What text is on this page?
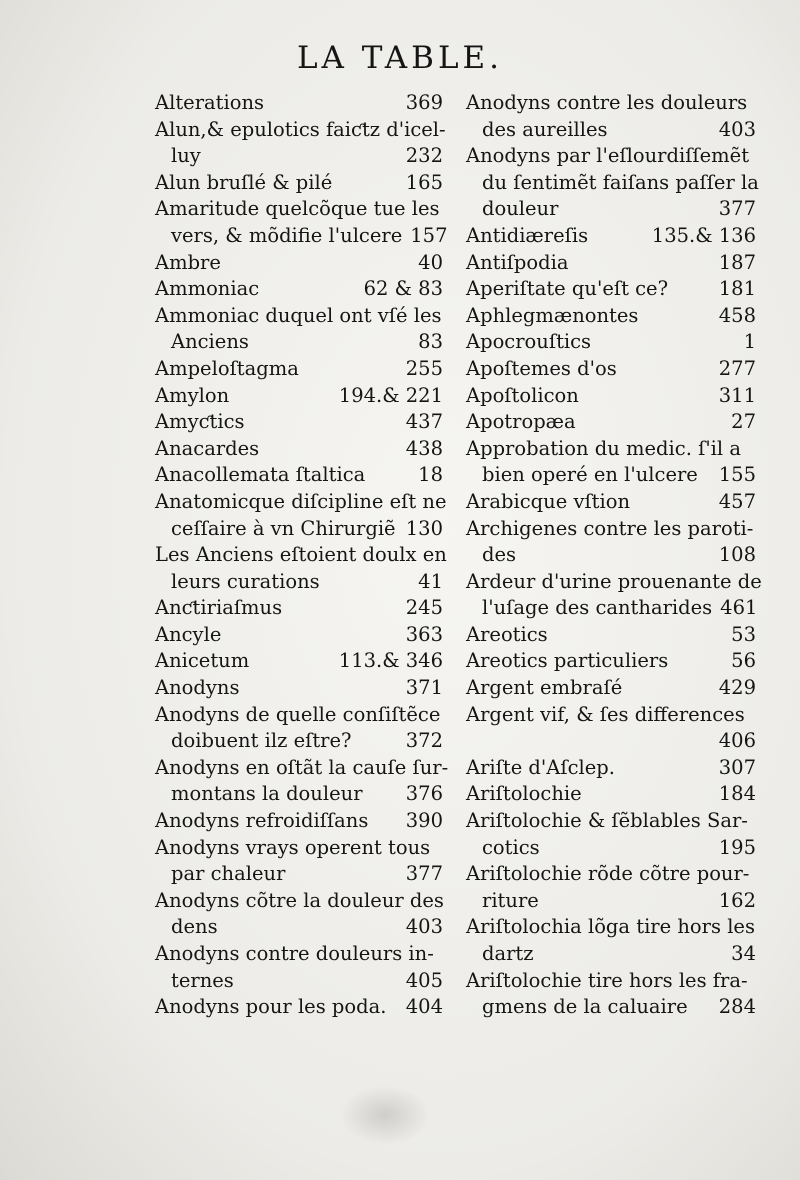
LA TABLE.
Alterations	369
Alun,& epulotics faiƈtz d'icel-
luy	232
Alun bruſlé & pilé	165
Amaritude quelcõque tue les
vers, & mõdifie l'ulcere 157
Ambre	40
Ammoniac	62 & 83
Ammoniac duquel ont vſé les
Anciens	83
Ampeloſtagma	255
Amylon	194.& 221
Amyƈtics	437
Anacardes	438
Anacollemata ſtaltica	18
Anatomicque diſcipline eſt ne
ceſſaire à vn Chirurgiẽ 130
Les Anciens eſtoient doulx en
leurs curations	41
Anƈtiriaſmus	245
Ancyle	363
Anicetum	113.& 346
Anodyns	371
Anodyns de quelle conſiſtẽce
doibuent ilz eſtre?	372
Anodyns en oſtãt la cauſe ſur-
montans la douleur 376
Anodyns refroidiſſans 390
Anodyns vrays operent tous
par chaleur	377
Anodyns cõtre la douleur des
dens	403
Anodyns contre douleurs in-
ternes	405
Anodyns pour les poda. 404
Anodyns contre les douleurs
des aureilles	403
Anodyns par l'eſlourdiſſemẽt
du ſentimẽt faiſans paſſer la
douleur	377
Antidiæreſis	135.& 136
Antiſpodia	187
Aperiſtate qu'eſt ce?	181
Aphlegmænontes	458
Apocrouſtics	1
Apoſtemes d'os	277
Apoſtolicon	311
Apotropæa	27
Approbation du medic. ſ'il a
bien operé en l'ulcere 155
Arabicque vſtion	457
Archigenes contre les paroti-
des	108
Ardeur d'urine prouenante de
l'uſage des cantharides 461
Areotics	53
Areotics particuliers	56
Argent embraſé	429
Argent vif, & ſes differences
406
Ariſte d'Aſclep.	307
Ariſtolochie	184
Ariſtolochie & ſẽblables Sar-
cotics	195
Ariſtolochie rõde cõtre pour-
riture	162
Ariſtolochia lõga tire hors les
dartz	34
Ariſtolochie tire hors les fra-
gmens de la caluaire 284
